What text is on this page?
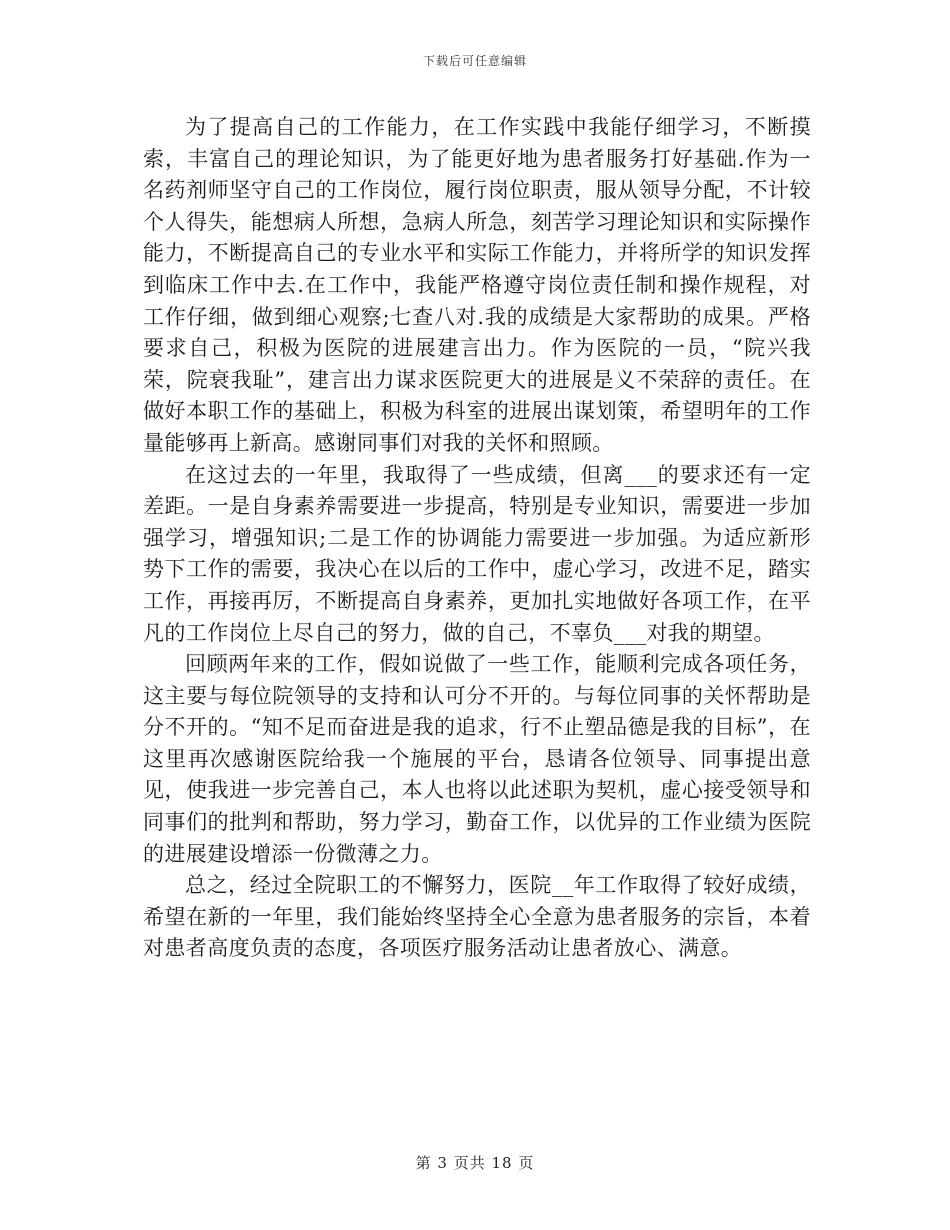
下载后可任意编辑

为了提高自己的工作能力，在工作实践中我能仔细学习，不断摸索，丰富自己的理论知识，为了能更好地为患者服务打好基础.作为一名药剂师坚守自己的工作岗位，履行岗位职责，服从领导分配，不计较个人得失，能想病人所想，急病人所急，刻苦学习理论知识和实际操作能力，不断提高自己的专业水平和实际工作能力，并将所学的知识发挥到临床工作中去.在工作中，我能严格遵守岗位责任制和操作规程，对工作仔细，做到细心观察;七查八对.我的成绩是大家帮助的成果。严格要求自己，积极为医院的进展建言出力。作为医院的一员，“院兴我荣，院衰我耻”，建言出力谋求医院更大的进展是义不荣辞的责任。在做好本职工作的基础上，积极为科室的进展出谋划策，希望明年的工作量能够再上新高。感谢同事们对我的关怀和照顾。

在这过去的一年里，我取得了一些成绩，但离___的要求还有一定差距。一是自身素养需要进一步提高，特别是专业知识，需要进一步加强学习，增强知识;二是工作的协调能力需要进一步加强。为适应新形势下工作的需要，我决心在以后的工作中，虚心学习，改进不足，踏实工作，再接再厉，不断提高自身素养，更加扎实地做好各项工作，在平凡的工作岗位上尽自己的努力，做的自己，不辜负___对我的期望。

回顾两年来的工作，假如说做了一些工作，能顺利完成各项任务，这主要与每位院领导的支持和认可分不开的。与每位同事的关怀帮助是分不开的。“知不足而奋进是我的追求，行不止塑品德是我的目标”，在这里再次感谢医院给我一个施展的平台，恳请各位领导、同事提出意见，使我进一步完善自己，本人也将以此述职为契机，虚心接受领导和同事们的批判和帮助，努力学习，勤奋工作，以优异的工作业绩为医院的进展建设增添一份微薄之力。

总之，经过全院职工的不懈努力，医院__年工作取得了较好成绩，希望在新的一年里，我们能始终坚持全心全意为患者服务的宗旨，本着对患者高度负责的态度，各项医疗服务活动让患者放心、满意。

第 3 页共 18 页
